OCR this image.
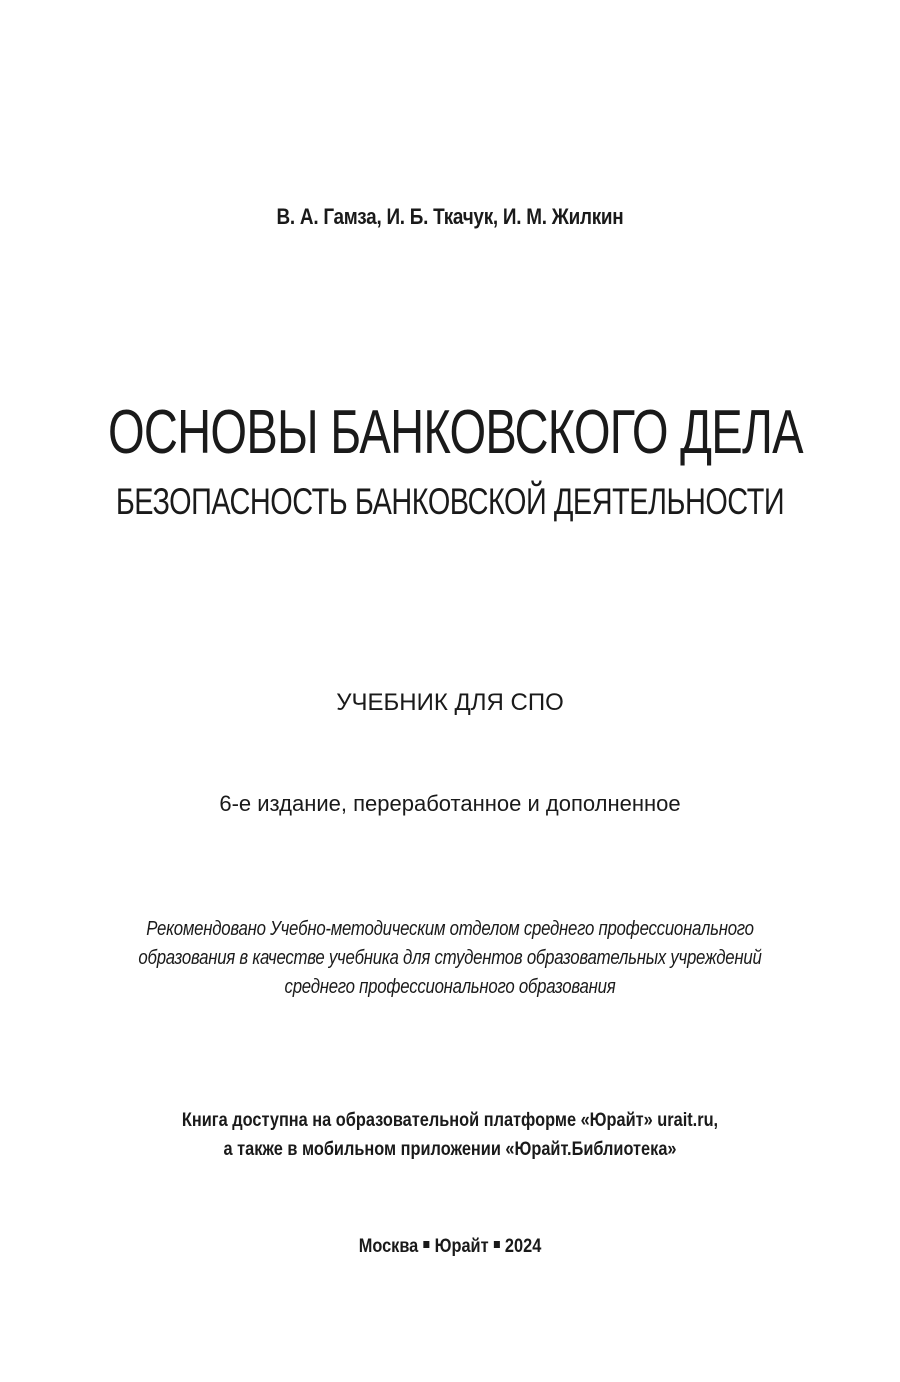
В. А. Гамза, И. Б. Ткачук, И. М. Жилкин
ОСНОВЫ БАНКОВСКОГО ДЕЛА
БЕЗОПАСНОСТЬ БАНКОВСКОЙ ДЕЯТЕЛЬНОСТИ
УЧЕБНИК ДЛЯ СПО
6-е издание, переработанное и дополненное
Рекомендовано Учебно-методическим отделом среднего профессионального
образования в качестве учебника для студентов образовательных учреждений
среднего профессионального образования
Книга доступна на образовательной платформе «Юрайт» urait.ru,
а также в мобильном приложении «Юрайт.Библиотека»
Москва Юрайт 2024
